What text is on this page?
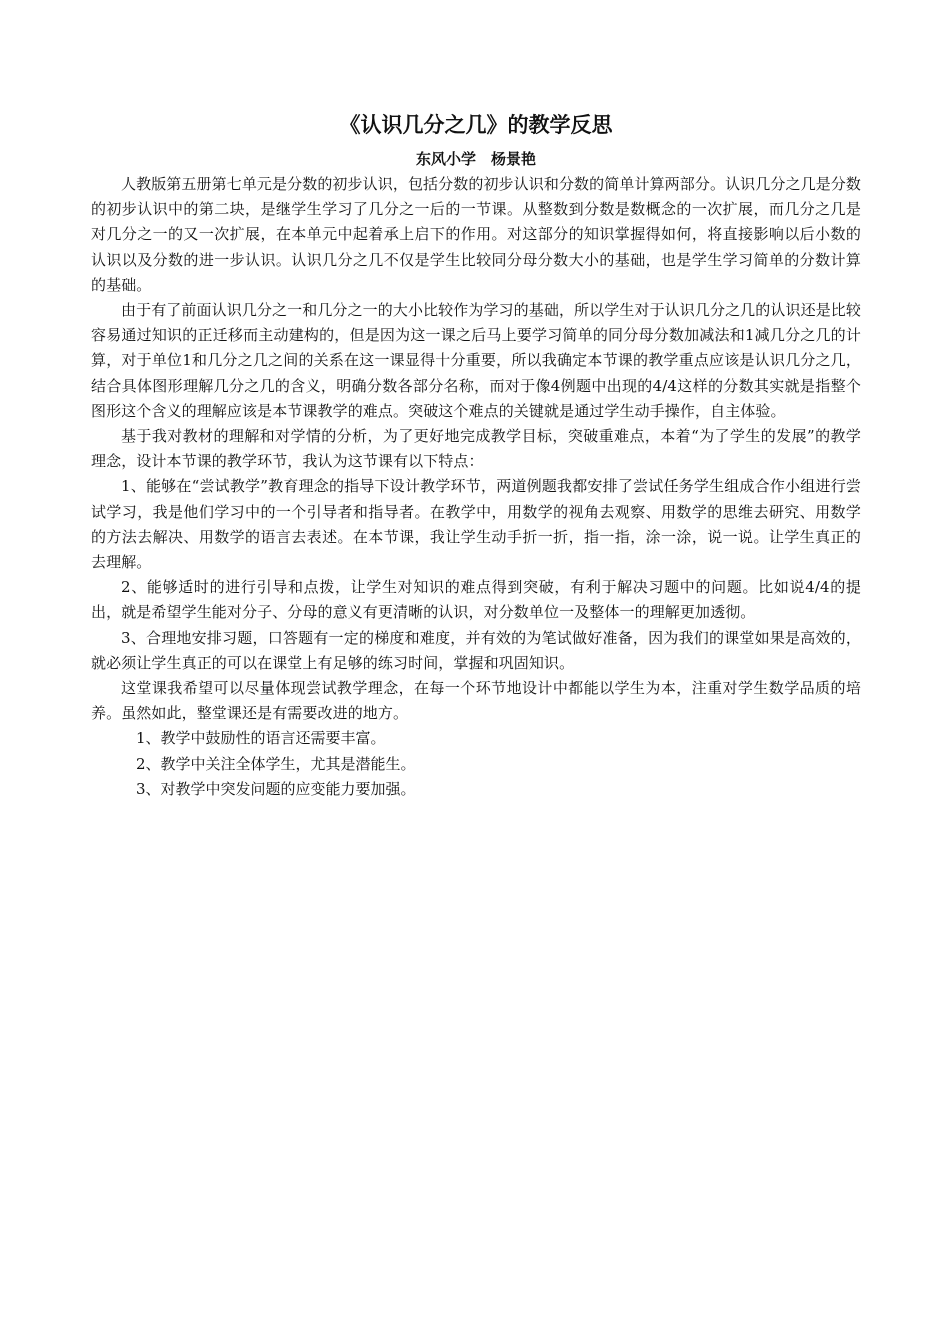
《认识几分之几》的教学反思

东风小学　杨景艳

人教版第五册第七单元是分数的初步认识，包括分数的初步认识和分数的简单计算两部分。认识几分之几是分数的初步认识中的第二块，是继学生学习了几分之一后的一节课。从整数到分数是数概念的一次扩展，而几分之几是对几分之一的又一次扩展，在本单元中起着承上启下的作用。对这部分的知识掌握得如何，将直接影响以后小数的认识以及分数的进一步认识。认识几分之几不仅是学生比较同分母分数大小的基础，也是学生学习简单的分数计算的基础。

由于有了前面认识几分之一和几分之一的大小比较作为学习的基础，所以学生对于认识几分之几的认识还是比较容易通过知识的正迁移而主动建构的，但是因为这一课之后马上要学习简单的同分母分数加减法和1减几分之几的计算，对于单位1和几分之几之间的关系在这一课显得十分重要，所以我确定本节课的教学重点应该是认识几分之几，结合具体图形理解几分之几的含义，明确分数各部分名称，而对于像4例题中出现的4/4这样的分数其实就是指整个图形这个含义的理解应该是本节课教学的难点。突破这个难点的关键就是通过学生动手操作，自主体验。

基于我对教材的理解和对学情的分析，为了更好地完成教学目标，突破重难点，本着“为了学生的发展”的教学理念，设计本节课的教学环节，我认为这节课有以下特点：

1、能够在“尝试教学”教育理念的指导下设计教学环节，两道例题我都安排了尝试任务学生组成合作小组进行尝试学习，我是他们学习中的一个引导者和指导者。在教学中，用数学的视角去观察、用数学的思维去研究、用数学的方法去解决、用数学的语言去表述。在本节课，我让学生动手折一折，指一指，涂一涂，说一说。让学生真正的去理解。

2、能够适时的进行引导和点拨，让学生对知识的难点得到突破，有利于解决习题中的问题。比如说4/4的提出，就是希望学生能对分子、分母的意义有更清晰的认识，对分数单位一及整体一的理解更加透彻。

3、合理地安排习题，口答题有一定的梯度和难度，并有效的为笔试做好准备，因为我们的课堂如果是高效的，就必须让学生真正的可以在课堂上有足够的练习时间，掌握和巩固知识。

这堂课我希望可以尽量体现尝试教学理念，在每一个环节地设计中都能以学生为本，注重对学生数学品质的培养。虽然如此，整堂课还是有需要改进的地方。

1、教学中鼓励性的语言还需要丰富。

2、教学中关注全体学生，尤其是潜能生。

3、对教学中突发问题的应变能力要加强。
